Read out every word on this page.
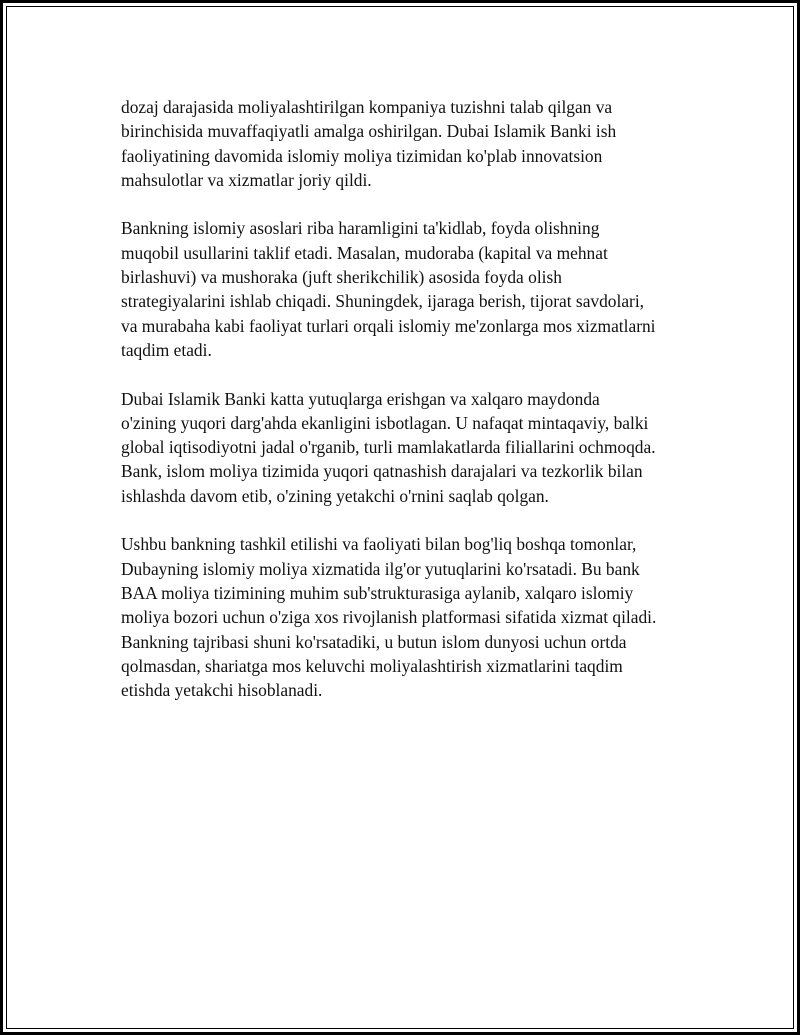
dozaj darajasida moliyalashtirilgan kompaniya tuzishni talab qilgan va
birinchisida muvaffaqiyatli amalga oshirilgan. Dubai Islamik Banki ish
faoliyatining davomida islomiy moliya tizimidan ko'plab innovatsion
mahsulotlar va xizmatlar joriy qildi.

Bankning islomiy asoslari riba haramligini ta'kidlab, foyda olishning
muqobil usullarini taklif etadi. Masalan, mudoraba (kapital va mehnat
birlashuvi) va mushoraka (juft sherikchilik) asosida foyda olish
strategiyalarini ishlab chiqadi. Shuningdek, ijaraga berish, tijorat savdolari,
va murabaha kabi faoliyat turlari orqali islomiy me'zonlarga mos xizmatlarni
taqdim etadi.

Dubai Islamik Banki katta yutuqlarga erishgan va xalqaro maydonda
o'zining yuqori darg'ahda ekanligini isbotlagan. U nafaqat mintaqaviy, balki
global iqtisodiyotni jadal o'rganib, turli mamlakatlarda filiallarini ochmoqda.
Bank, islom moliya tizimida yuqori qatnashish darajalari va tezkorlik bilan
ishlashda davom etib, o'zining yetakchi o'rnini saqlab qolgan.

Ushbu bankning tashkil etilishi va faoliyati bilan bog'liq boshqa tomonlar,
Dubayning islomiy moliya xizmatida ilg'or yutuqlarini ko'rsatadi. Bu bank
BAA moliya tizimining muhim sub'strukturasiga aylanib, xalqaro islomiy
moliya bozori uchun o'ziga xos rivojlanish platformasi sifatida xizmat qiladi.
Bankning tajribasi shuni ko'rsatadiki, u butun islom dunyosi uchun ortda
qolmasdan, shariatga mos keluvchi moliyalashtirish xizmatlarini taqdim
etishda yetakchi hisoblanadi.
